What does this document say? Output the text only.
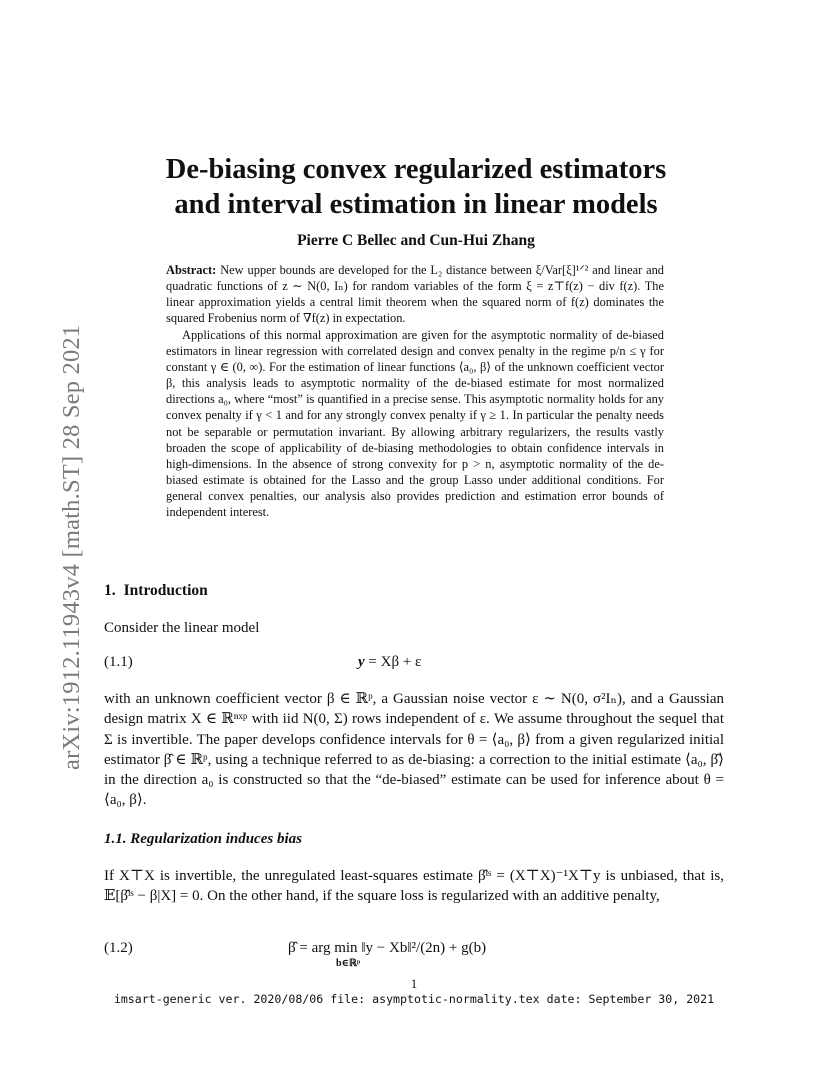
arXiv:1912.11943v4 [math.ST] 28 Sep 2021
De-biasing convex regularized estimators
and interval estimation in linear models
Pierre C Bellec and Cun-Hui Zhang

Abstract: New upper bounds are developed for the L₂ distance between ξ/Var[ξ]¹ᐟ² and linear and quadratic functions of z ∼ N(0, Iₙ) for random variables of the form ξ = z⊤f(z) − div f(z). The linear approximation yields a central limit theorem when the squared norm of f(z) dominates the squared Frobenius norm of ∇f(z) in expectation.

Applications of this normal approximation are given for the asymptotic normality of de-biased estimators in linear regression with correlated design and convex penalty in the regime p/n ≤ γ for constant γ ∈ (0, ∞). For the estimation of linear functions ⟨a₀, β⟩ of the unknown coefficient vector β, this analysis leads to asymptotic normality of the de-biased estimate for most normalized directions a₀, where “most” is quantified in a precise sense. This asymptotic normality holds for any convex penalty if γ < 1 and for any strongly convex penalty if γ ≥ 1. In particular the penalty needs not be separable or permutation invariant. By allowing arbitrary regularizers, the results vastly broaden the scope of applicability of de-biasing methodologies to obtain confidence intervals in high-dimensions. In the absence of strong convexity for p > n, asymptotic normality of the de-biased estimate is obtained for the Lasso and the group Lasso under additional conditions. For general convex penalties, our analysis also provides prediction and estimation error bounds of independent interest.

1. Introduction

Consider the linear model

(1.1)	y = Xβ + ε

with an unknown coefficient vector β ∈ ℝᵖ, a Gaussian noise vector ε ∼ N(0, σ²Iₙ), and a Gaussian design matrix X ∈ ℝⁿˣᵖ with iid N(0, Σ) rows independent of ε. We assume throughout the sequel that Σ is invertible. The paper develops confidence intervals for θ = ⟨a₀, β⟩ from a given regularized initial estimator β̂ ∈ ℝᵖ, using a technique referred to as de-biasing: a correction to the initial estimate ⟨a₀, β̂⟩ in the direction a₀ is constructed so that the “de-biased” estimate can be used for inference about θ = ⟨a₀, β⟩.

1.1. Regularization induces bias

If X⊤X is invertible, the unregulated least-squares estimate β̂ˡˢ = (X⊤X)⁻¹X⊤y is unbiased, that is, 𝔼[β̂ˡˢ − β|X] = 0. On the other hand, if the square loss is regularized with an additive penalty,

(1.2)	β̂ = arg min ‖y − Xb‖²/(2n) + g(b)
b∈ℝᵖ
1
imsart-generic ver. 2020/08/06 file: asymptotic-normality.tex date: September 30, 2021
